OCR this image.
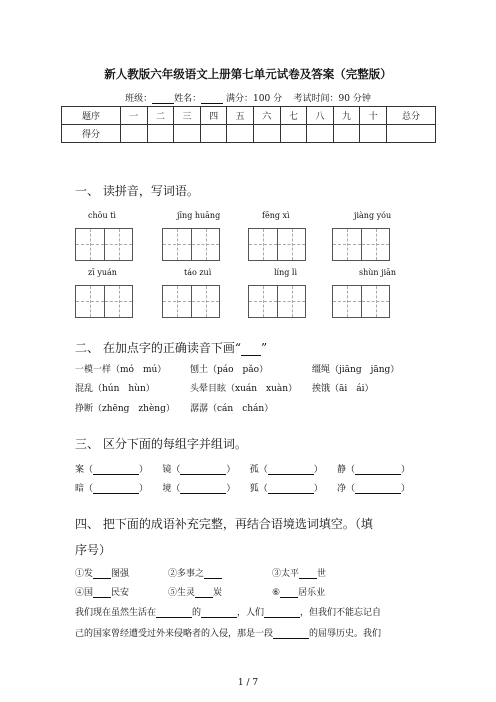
新人教版六年级语文上册第七单元试卷及答案（完整版）
班级： 姓名：	满分：100 分 考试时间：90 分钟
题序	一	二	三	四	五	六	七	八	九	十	总分
得分											
一、 读拼音，写词语。
chōu tì	jīng huāng	fēng xì	jiàng yóu
zī yuán	táo zuì	líng lì	shùn jiān
二、 在加点字的正确读音下画“ ”
一模一样（mó　mú）	刨土（páo　pǎo）	缰绳（jiāng　jāng）
混乱（hún　hùn）	头晕目眩（xuán　xuàn） 挨饿（āi　ái）
挣断（zhēng　zhèng） 潺潺（cán　chán）
三、 区分下面的每组字并组词。
案（	） 镜（	） 孤（	） 静（	）
暗（	） 境（	） 狐（	） 净（	）
四、 把下面的成语补充完整，再结合语境选词填空。（填
序号）
①发 图强	②多事之	③太平 世
④国 民安	⑤生灵 炭	⑥ 居乐业
我们现在虽然生活在	的	，人们	，但我们不能忘记自
己的国家曾经遭受过外来侵略者的入侵，那是一段	的屈辱历史。我们
1 / 7
